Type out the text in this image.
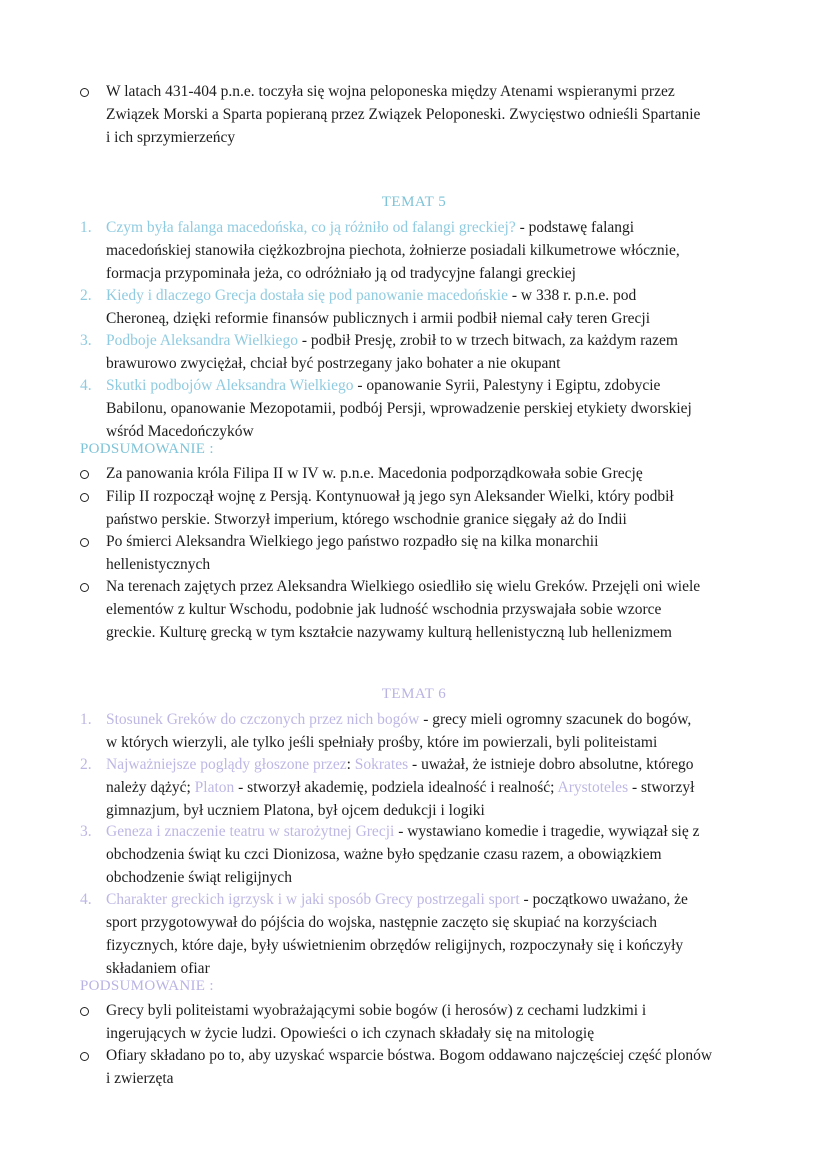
W latach 431-404 p.n.e. toczyła się wojna peloponeska między Atenami wspieranymi przez
Związek Morski a Sparta popieraną przez Związek Peloponeski. Zwycięstwo odnieśli Spartanie
i ich sprzymierzeńcy
TEMAT 5
1. Czym była falanga macedońska, co ją różniło od falangi greckiej? - podstawę falangi
macedońskiej stanowiła ciężkozbrojna piechota, żołnierze posiadali kilkumetrowe włócznie,
formacja przypominała jeża, co odróżniało ją od tradycyjne falangi greckiej
2. Kiedy i dlaczego Grecja dostała się pod panowanie macedońskie - w 338 r. p.n.e. pod
Cheroneą, dzięki reformie finansów publicznych i armii podbił niemal cały teren Grecji
3. Podboje Aleksandra Wielkiego - podbił Presję, zrobił to w trzech bitwach, za każdym razem
brawurowo zwyciężał, chciał być postrzegany jako bohater a nie okupant
4. Skutki podbojów Aleksandra Wielkiego - opanowanie Syrii, Palestyny i Egiptu, zdobycie
Babilonu, opanowanie Mezopotamii, podbój Persji, wprowadzenie perskiej etykiety dworskiej
wśród Macedończyków
PODSUMOWANIE :
Za panowania króla Filipa II w IV w. p.n.e. Macedonia podporządkowała sobie Grecję
Filip II rozpoczął wojnę z Persją. Kontynuował ją jego syn Aleksander Wielki, który podbił
państwo perskie. Stworzył imperium, którego wschodnie granice sięgały aż do Indii
Po śmierci Aleksandra Wielkiego jego państwo rozpadło się na kilka monarchii
hellenistycznych
Na terenach zajętych przez Aleksandra Wielkiego osiedliło się wielu Greków. Przejęli oni wiele
elementów z kultur Wschodu, podobnie jak ludność wschodnia przyswajała sobie wzorce
greckie. Kulturę grecką w tym kształcie nazywamy kulturą hellenistyczną lub hellenizmem
TEMAT 6
1. Stosunek Greków do czczonych przez nich bogów - grecy mieli ogromny szacunek do bogów,
w których wierzyli, ale tylko jeśli spełniały prośby, które im powierzali, byli politeistami
2. Najważniejsze poglądy głoszone przez: Sokrates - uważał, że istnieje dobro absolutne, którego
należy dążyć; Platon - stworzył akademię, podziela idealność i realność; Arystoteles - stworzył
gimnazjum, był uczniem Platona, był ojcem dedukcji i logiki
3. Geneza i znaczenie teatru w starożytnej Grecji - wystawiano komedie i tragedie, wywiązał się z
obchodzenia świąt ku czci Dionizosa, ważne było spędzanie czasu razem, a obowiązkiem
obchodzenie świąt religijnych
4. Charakter greckich igrzysk i w jaki sposób Grecy postrzegali sport - początkowo uważano, że
sport przygotowywał do pójścia do wojska, następnie zaczęto się skupiać na korzyściach
fizycznych, które daje, były uświetnienim obrzędów religijnych, rozpoczynały się i kończyły
składaniem ofiar
PODSUMOWANIE :
Grecy byli politeistami wyobrażającymi sobie bogów (i herosów) z cechami ludzkimi i
ingerujących w życie ludzi. Opowieści o ich czynach składały się na mitologię
Ofiary składano po to, aby uzyskać wsparcie bóstwa. Bogom oddawano najczęściej część plonów
i zwierzęta
